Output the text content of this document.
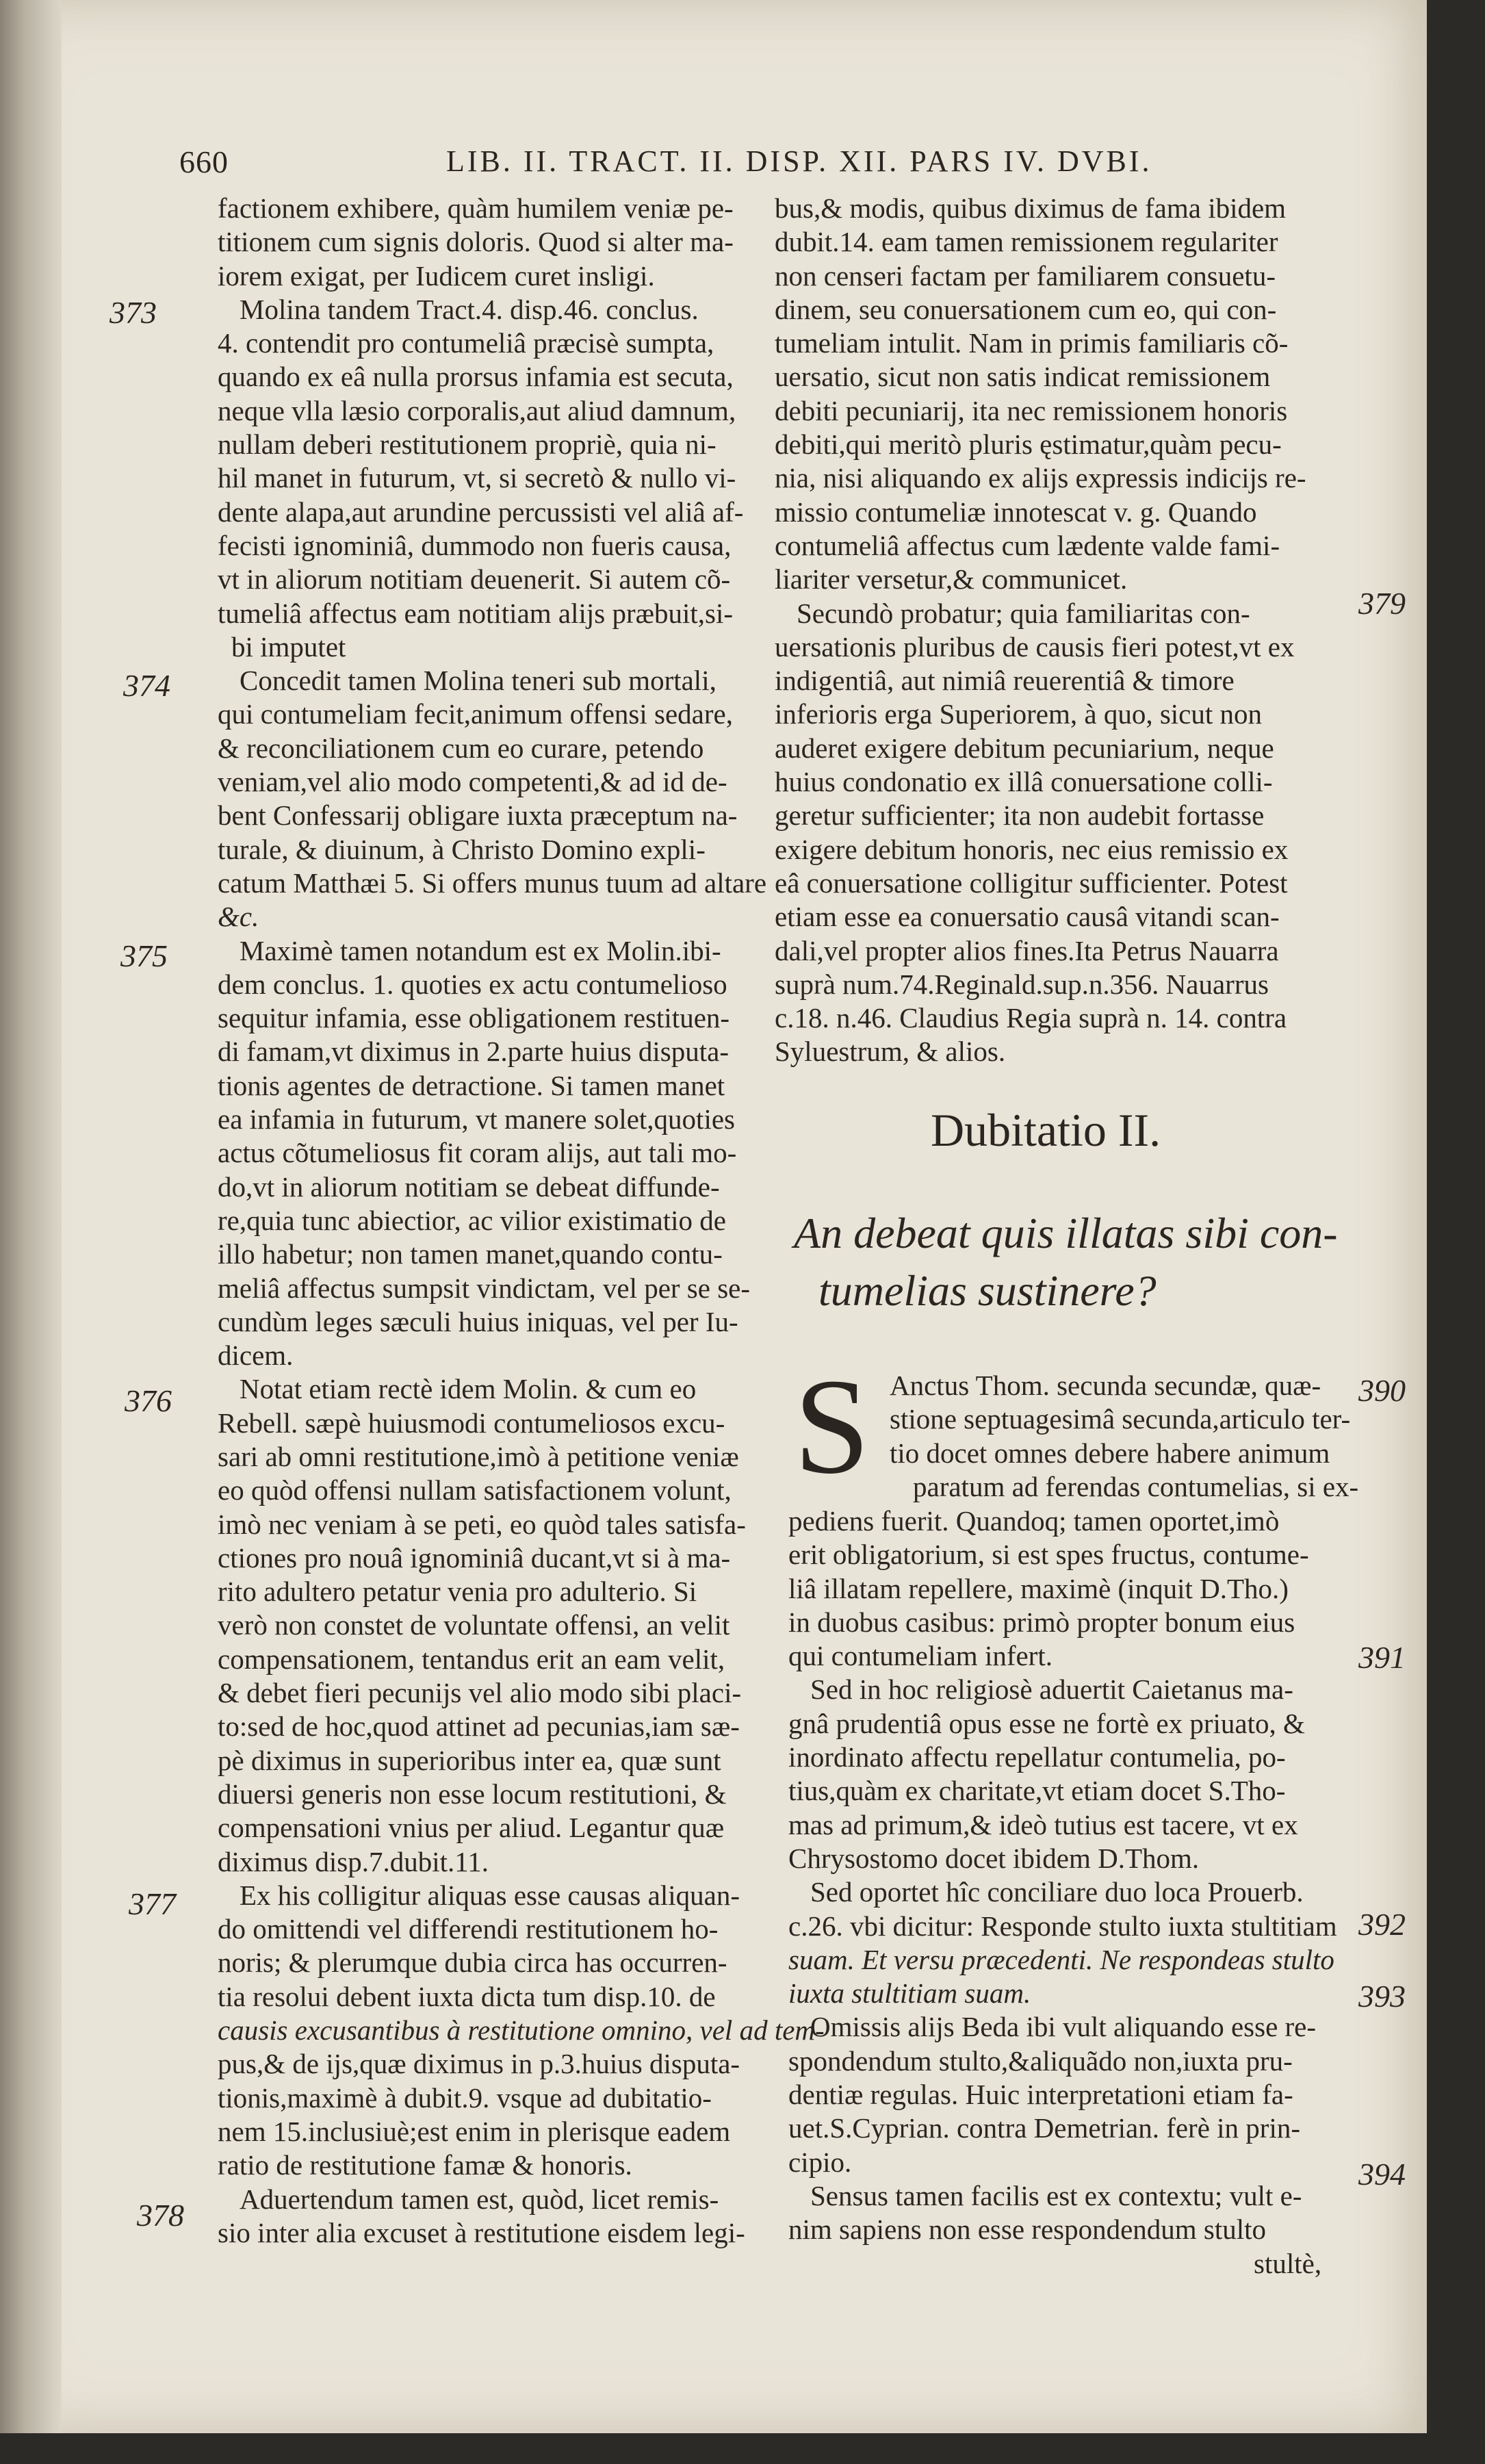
660	LIB. II. TRACT. II. DISP. XII. PARS IV. DVBI.
373
374
375
376
377
378
379
390
391
392
393
394
factionem exhibere, quàm humilem veniæ pe-
titionem cum signis doloris. Quod si alter ma-
iorem exigat, per Iudicem curet insligi.
Molina tandem Tract.4. disp.46. conclus.
4. contendit pro contumeliâ præcisè sumpta,
quando ex eâ nulla prorsus infamia est secuta,
neque vlla læsio corporalis,aut aliud damnum,
nullam deberi restitutionem propriè, quia ni-
hil manet in futurum, vt, si secretò & nullo vi-
dente alapa,aut arundine percussisti vel aliâ af-
fecisti ignominiâ, dummodo non fueris causa,
vt in aliorum notitiam deuenerit. Si autem cõ-
tumeliâ affectus eam notitiam alijs præbuit,si-
bi imputet
Concedit tamen Molina teneri sub mortali,
qui contumeliam fecit,animum offensi sedare,
& reconciliationem cum eo curare, petendo
veniam,vel alio modo competenti,& ad id de-
bent Confessarij obligare iuxta præceptum na-
turale, & diuinum, à Christo Domino expli-
catum Matthæi 5. Si offers munus tuum ad altare
&c.
Maximè tamen notandum est ex Molin.ibi-
dem conclus. 1. quoties ex actu contumelioso
sequitur infamia, esse obligationem restituen-
di famam,vt diximus in 2.parte huius disputa-
tionis agentes de detractione. Si tamen manet
ea infamia in futurum, vt manere solet,quoties
actus cõtumeliosus fit coram alijs, aut tali mo-
do,vt in aliorum notitiam se debeat diffunde-
re,quia tunc abiectior, ac vilior existimatio de
illo habetur; non tamen manet,quando contu-
meliâ affectus sumpsit vindictam, vel per se se-
cundùm leges sæculi huius iniquas, vel per Iu-
dicem.
Notat etiam rectè idem Molin. & cum eo
Rebell. sæpè huiusmodi contumeliosos excu-
sari ab omni restitutione,imò à petitione veniæ
eo quòd offensi nullam satisfactionem volunt,
imò nec veniam à se peti, eo quòd tales satisfa-
ctiones pro nouâ ignominiâ ducant,vt si à ma-
rito adultero petatur venia pro adulterio. Si
verò non constet de voluntate offensi, an velit
compensationem, tentandus erit an eam velit,
& debet fieri pecunijs vel alio modo sibi placi-
to:sed de hoc,quod attinet ad pecunias,iam sæ-
pè diximus in superioribus inter ea, quæ sunt
diuersi generis non esse locum restitutioni, &
compensationi vnius per aliud. Legantur quæ
diximus disp.7.dubit.11.
Ex his colligitur aliquas esse causas aliquan-
do omittendi vel differendi restitutionem ho-
noris; & plerumque dubia circa has occurren-
tia resolui debent iuxta dicta tum disp.10. de
causis excusantibus à restitutione omnino, vel ad tem-
pus,& de ijs,quæ diximus in p.3.huius disputa-
tionis,maximè à dubit.9. vsque ad dubitatio-
nem 15.inclusiuè;est enim in plerisque eadem
ratio de restitutione famæ & honoris.
Aduertendum tamen est, quòd, licet remis-
sio inter alia excuset à restitutione eisdem legi-
bus,& modis, quibus diximus de fama ibidem
dubit.14. eam tamen remissionem regulariter
non censeri factam per familiarem consuetu-
dinem, seu conuersationem cum eo, qui con-
tumeliam intulit. Nam in primis familiaris cõ-
uersatio, sicut non satis indicat remissionem
debiti pecuniarij, ita nec remissionem honoris
debiti,qui meritò pluris ęstimatur,quàm pecu-
nia, nisi aliquando ex alijs expressis indicijs re-
missio contumeliæ innotescat v. g. Quando
contumeliâ affectus cum lædente valde fami-
liariter versetur,& communicet.
Secundò probatur; quia familiaritas con-
uersationis pluribus de causis fieri potest,vt ex
indigentiâ, aut nimiâ reuerentiâ & timore
inferioris erga Superiorem, à quo, sicut non
auderet exigere debitum pecuniarium, neque
huius condonatio ex illâ conuersatione colli-
geretur sufficienter; ita non audebit fortasse
exigere debitum honoris, nec eius remissio ex
eâ conuersatione colligitur sufficienter. Potest
etiam esse ea conuersatio causâ vitandi scan-
dali,vel propter alios fines.Ita Petrus Nauarra
suprà num.74.Reginald.sup.n.356. Nauarrus
c.18. n.46. Claudius Regia suprà n. 14. contra
Syluestrum, & alios.
Dubitatio II.
An debeat quis illatas sibi con-
tumelias sustinere?
S Anctus Thom. secunda secundæ, quæ-
stione septuagesimâ secunda,articulo ter-
tio docet omnes debere habere animum
paratum ad ferendas contumelias, si ex-
pediens fuerit. Quandoq; tamen oportet,imò
erit obligatorium, si est spes fructus, contume-
liâ illatam repellere, maximè (inquit D.Tho.)
in duobus casibus: primò propter bonum eius
qui contumeliam infert.
Sed in hoc religiosè aduertit Caietanus ma-
gnâ prudentiâ opus esse ne fortè ex priuato, &
inordinato affectu repellatur contumelia, po-
tius,quàm ex charitate,vt etiam docet S.Tho-
mas ad primum,& ideò tutius est tacere, vt ex
Chrysostomo docet ibidem D.Thom.
Sed oportet hîc conciliare duo loca Prouerb.
c.26. vbi dicitur: Responde stulto iuxta stultitiam
suam. Et versu præcedenti. Ne respondeas stulto
iuxta stultitiam suam.
Omissis alijs Beda ibi vult aliquando esse re-
spondendum stulto,&aliquãdo non,iuxta pru-
dentiæ regulas. Huic interpretationi etiam fa-
uet.S.Cyprian. contra Demetrian. ferè in prin-
cipio.
Sensus tamen facilis est ex contextu; vult e-
nim sapiens non esse respondendum stulto
stultè,
